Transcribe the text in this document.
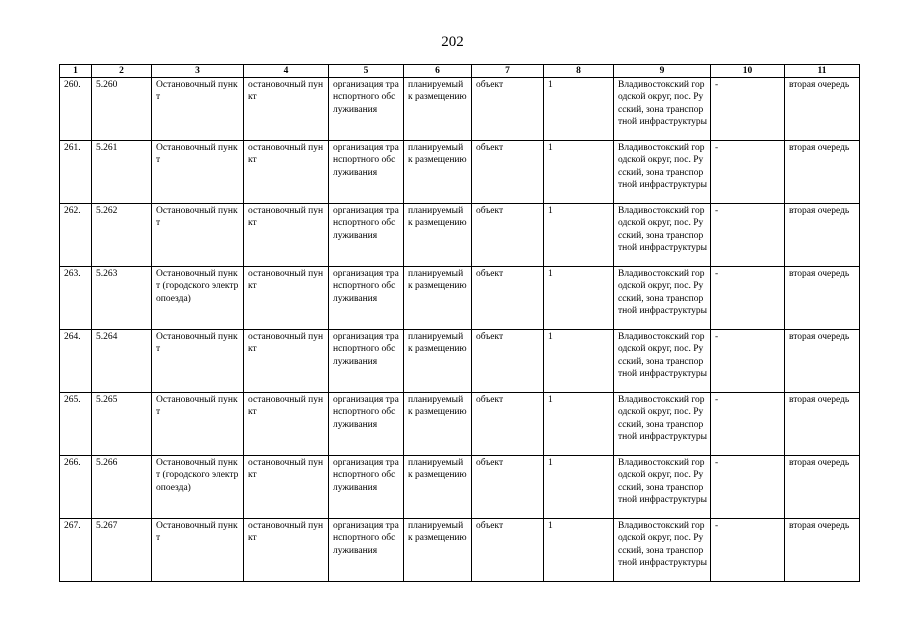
202
1	2	3	4	5	6	7	8	9	10	11
260.	5.260	Остановочный пункт	остановочный пункт	организация транспортного обслуживания	планируемый к размещению	объект	1	Владивостокский городской округ, пос. Русский, зона транспортной инфраструктуры	-	вторая очередь
261.	5.261	Остановочный пункт	остановочный пункт	организация транспортного обслуживания	планируемый к размещению	объект	1	Владивостокский городской округ, пос. Русский, зона транспортной инфраструктуры	-	вторая очередь
262.	5.262	Остановочный пункт	остановочный пункт	организация транспортного обслуживания	планируемый к размещению	объект	1	Владивостокский городской округ, пос. Русский, зона транспортной инфраструктуры	-	вторая очередь
263.	5.263	Остановочный пункт (городского электропоезда)	остановочный пункт	организация транспортного обслуживания	планируемый к размещению	объект	1	Владивостокский городской округ, пос. Русский, зона транспортной инфраструктуры	-	вторая очередь
264.	5.264	Остановочный пункт	остановочный пункт	организация транспортного обслуживания	планируемый к размещению	объект	1	Владивостокский городской округ, пос. Русский, зона транспортной инфраструктуры	-	вторая очередь
265.	5.265	Остановочный пункт	остановочный пункт	организация транспортного обслуживания	планируемый к размещению	объект	1	Владивостокский городской округ, пос. Русский, зона транспортной инфраструктуры	-	вторая очередь
266.	5.266	Остановочный пункт (городского электропоезда)	остановочный пункт	организация транспортного обслуживания	планируемый к размещению	объект	1	Владивостокский городской округ, пос. Русский, зона транспортной инфраструктуры	-	вторая очередь
267.	5.267	Остановочный пункт	остановочный пункт	организация транспортного обслуживания	планируемый к размещению	объект	1	Владивостокский городской округ, пос. Русский, зона транспортной инфраструктуры	-	вторая очередь
